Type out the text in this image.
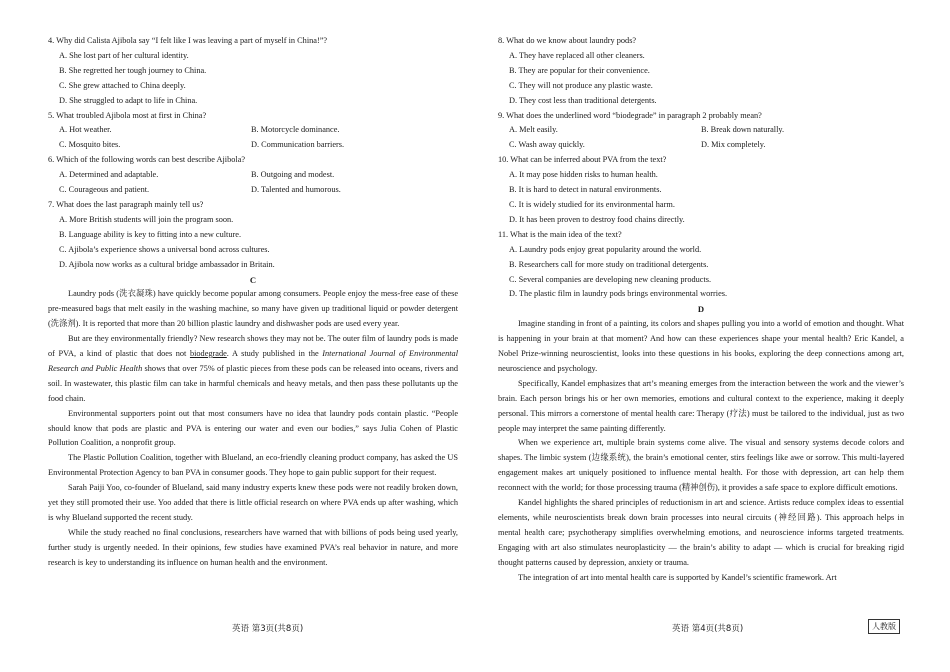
4. Why did Calista Ajibola say “I felt like I was leaving a part of myself in China!”?

A. She lost part of her cultural identity.

B. She regretted her tough journey to China.

C. She grew attached to China deeply.

D. She struggled to adapt to life in China.

5. What troubled Ajibola most at first in China?

A. Hot weather.	B. Motorcycle dominance.
C. Mosquito bites.	D. Communication barriers.

6. Which of the following words can best describe Ajibola?

A. Determined and adaptable.	B. Outgoing and modest.
C. Courageous and patient.	D. Talented and humorous.

7. What does the last paragraph mainly tell us?

A. More British students will join the program soon.

B. Language ability is key to fitting into a new culture.

C. Ajibola’s experience shows a universal bond across cultures.

D. Ajibola now works as a cultural bridge ambassador in Britain.

C

Laundry pods (洗衣凝珠) have quickly become popular among consumers. People enjoy the mess-free ease of these pre-measured bags that melt easily in the washing machine, so many have given up traditional liquid or powder detergent (洗涤剂). It is reported that more than 20 billion plastic laundry and dishwasher pods are used every year.

But are they environmentally friendly? New research shows they may not be. The outer film of laundry pods is made of PVA, a kind of plastic that does not biodegrade. A study published in the International Journal of Environmental Research and Public Health shows that over 75% of plastic pieces from these pods can be released into oceans, rivers and soil. In wastewater, this plastic film can take in harmful chemicals and heavy metals, and then pass these pollutants up the food chain.

Environmental supporters point out that most consumers have no idea that laundry pods contain plastic. “People should know that pods are plastic and PVA is entering our water and even our bodies,” says Julia Cohen of Plastic Pollution Coalition, a nonprofit group.

The Plastic Pollution Coalition, together with Blueland, an eco-friendly cleaning product company, has asked the US Environmental Protection Agency to ban PVA in consumer goods. They hope to gain public support for their request.

Sarah Paiji Yoo, co-founder of Blueland, said many industry experts knew these pods were not readily broken down, yet they still promoted their use. Yoo added that there is little official research on where PVA ends up after washing, which is why Blueland supported the recent study.

While the study reached no final conclusions, researchers have warned that with billions of pods being used yearly, further study is urgently needed. In their opinions, few studies have examined PVA’s real behavior in nature, and more research is key to understanding its influence on human health and the environment.

8. What do we know about laundry pods?

A. They have replaced all other cleaners.

B. They are popular for their convenience.

C. They will not produce any plastic waste.

D. They cost less than traditional detergents.

9. What does the underlined word “biodegrade” in paragraph 2 probably mean?

A. Melt easily.	B. Break down naturally.
C. Wash away quickly.	D. Mix completely.

10. What can be inferred about PVA from the text?

A. It may pose hidden risks to human health.

B. It is hard to detect in natural environments.

C. It is widely studied for its environmental harm.

D. It has been proven to destroy food chains directly.

11. What is the main idea of the text?

A. Laundry pods enjoy great popularity around the world.

B. Researchers call for more study on traditional detergents.

C. Several companies are developing new cleaning products.

D. The plastic film in laundry pods brings environmental worries.

D

Imagine standing in front of a painting, its colors and shapes pulling you into a world of emotion and thought. What is happening in your brain at that moment? And how can these experiences shape your mental health? Eric Kandel, a Nobel Prize-winning neuroscientist, looks into these questions in his books, exploring the deep connections among art, neuroscience and psychology.

Specifically, Kandel emphasizes that art’s meaning emerges from the interaction between the work and the viewer’s brain. Each person brings his or her own memories, emotions and cultural context to the experience, making it deeply personal. This mirrors a cornerstone of mental health care: Therapy (疗法) must be tailored to the individual, just as two people may interpret the same painting differently.

When we experience art, multiple brain systems come alive. The visual and sensory systems decode colors and shapes. The limbic system (边缘系统), the brain’s emotional center, stirs feelings like awe or sorrow. This multi-layered engagement makes art uniquely positioned to influence mental health. For those with depression, art can help them reconnect with the world; for those processing trauma (精神创伤), it provides a safe space to explore difficult emotions.

Kandel highlights the shared principles of reductionism in art and science. Artists reduce complex ideas to essential elements, while neuroscientists break down brain processes into neural circuits (神经回路). This approach helps in mental health care; psychotherapy simplifies overwhelming emotions, and neuroscience informs targeted treatments. Engaging with art also stimulates neuroplasticity — the brain’s ability to adapt — which is crucial for breaking rigid thought patterns caused by depression, anxiety or trauma.

The integration of art into mental health care is supported by Kandel’s scientific framework. Art

英语 第3页(共8页)	英语 第4页(共8页)	人教版
